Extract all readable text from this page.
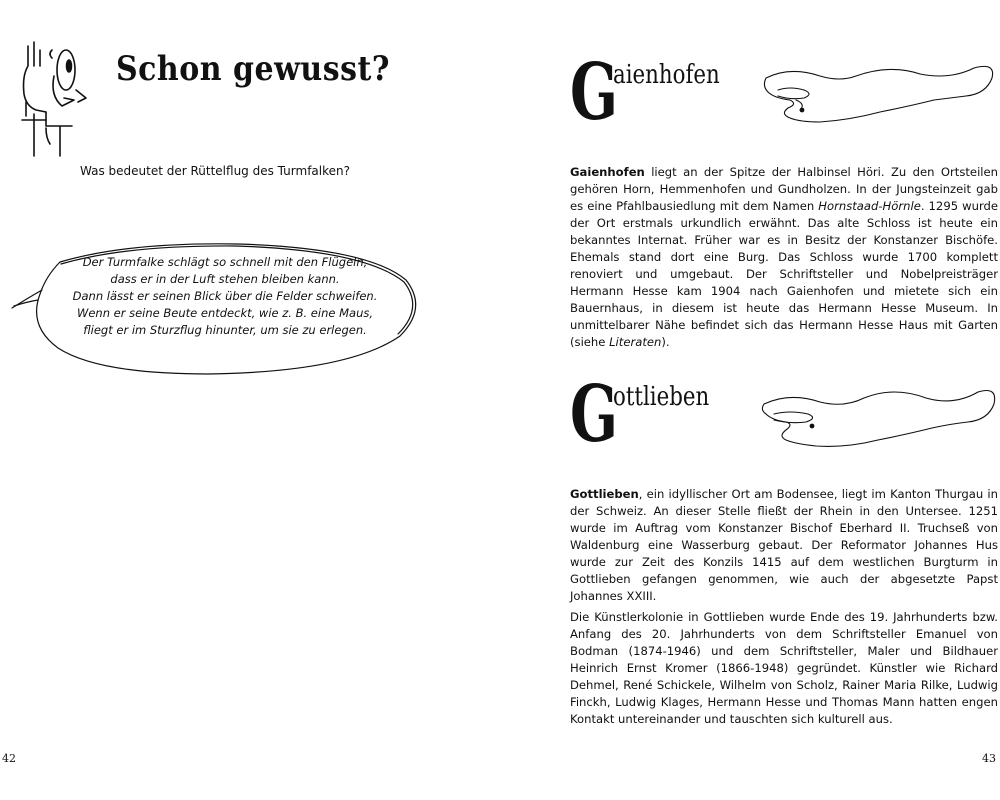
Schon gewusst?

Was bedeutet der Rüttelflug des Turmfalken?

Der Turmfalke schlägt so schnell mit den Flügeln,
dass er in der Luft stehen bleiben kann.
Dann lässt er seinen Blick über die Felder schweifen.
Wenn er seine Beute entdeckt, wie z. B. eine Maus,
fliegt er im Sturzflug hinunter, um sie zu erlegen.
42
G
aienhofen

Gaienhofen liegt an der Spitze der Halbinsel Höri. Zu den Ortsteilen gehören Horn, Hemmenhofen und Gundholzen. In der Jungsteinzeit gab es eine Pfahlbausiedlung mit dem Namen Hornstaad-Hörnle. 1295 wurde der Ort erstmals urkundlich erwähnt. Das alte Schloss ist heute ein bekanntes Internat. Früher war es in Besitz der Konstanzer Bischöfe. Ehemals stand dort eine Burg. Das Schloss wurde 1700 komplett renoviert und umgebaut. Der Schriftsteller und Nobelpreisträger Hermann Hesse kam 1904 nach Gaienhofen und mietete sich ein Bauernhaus, in diesem ist heute das Hermann Hesse Museum. In unmittelbarer Nähe befindet sich das Hermann Hesse Haus mit Garten (siehe Literaten).

G
ottlieben

Gottlieben, ein idyllischer Ort am Bodensee, liegt im Kanton Thurgau in der Schweiz. An dieser Stelle fließt der Rhein in den Untersee. 1251 wurde im Auftrag vom Konstanzer Bischof Eberhard II. Truchseß von Waldenburg eine Wasserburg gebaut. Der Reformator Johannes Hus wurde zur Zeit des Konzils 1415 auf dem westlichen Burgturm in Gottlieben gefangen genommen, wie auch der abgesetzte Papst Johannes XXIII.

Die Künstlerkolonie in Gottlieben wurde Ende des 19. Jahrhunderts bzw. Anfang des 20. Jahrhunderts von dem Schriftsteller Emanuel von Bodman (1874-1946) und dem Schriftsteller, Maler und Bildhauer Heinrich Ernst Kromer (1866-1948) gegründet. Künstler wie Richard Dehmel, René Schickele, Wilhelm von Scholz, Rainer Maria Rilke, Ludwig Finckh, Ludwig Klages, Hermann Hesse und Thomas Mann hatten engen Kontakt untereinander und tauschten sich kulturell aus.

43
